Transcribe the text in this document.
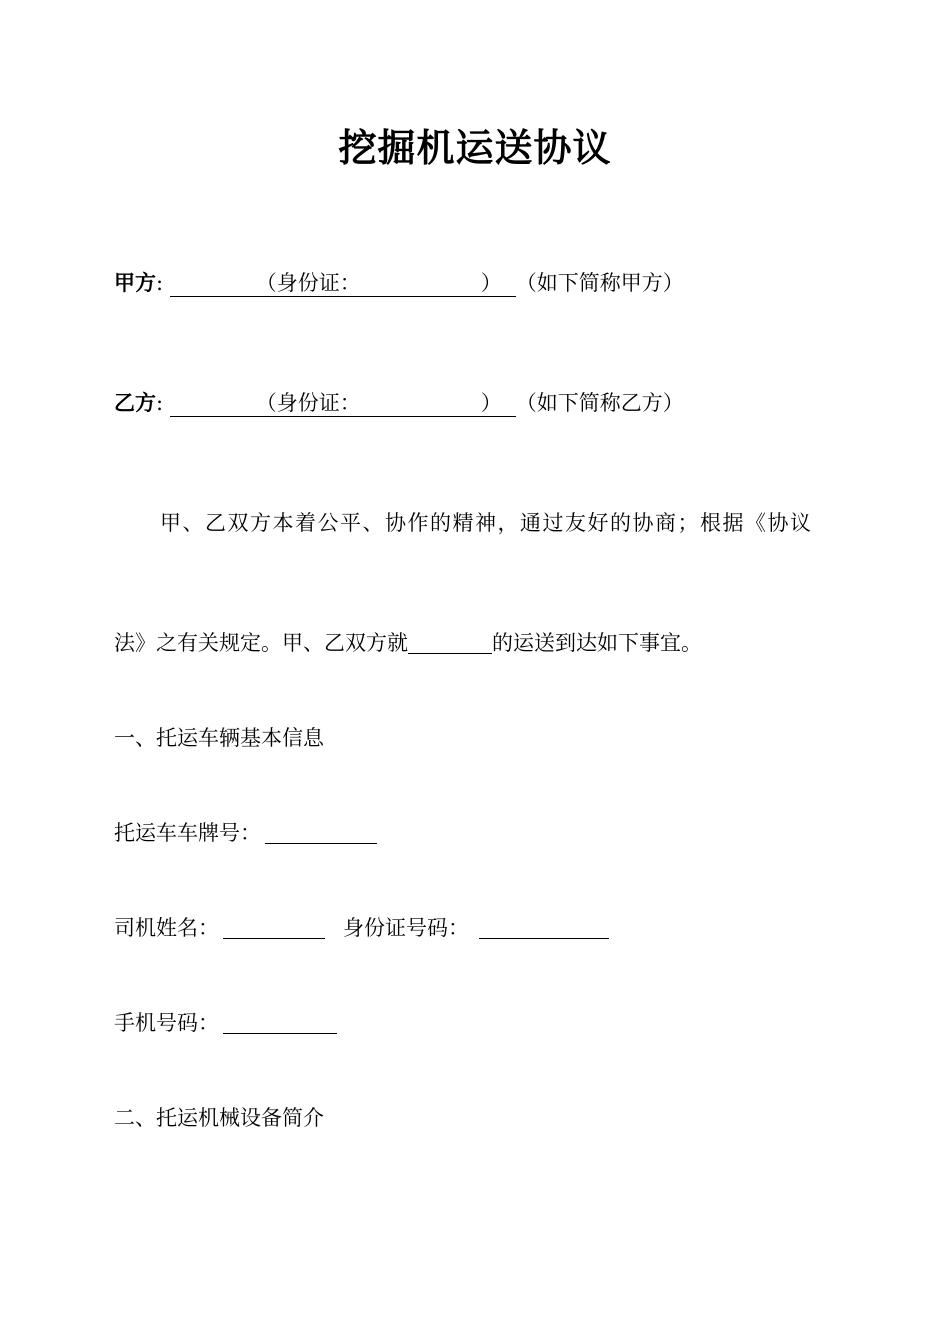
挖掘机运送协议
甲方:	（身份证：	） （如下简称甲方）
乙方:	（身份证：	） （如下简称乙方）
甲、乙双方本着公平、协作的精神，通过友好的协商；根据《协议
法》之有关规定。甲、乙双方就	的运送到达如下事宜。
一、托运车辆基本信息
托运车车牌号：
司机姓名：	身份证号码：
手机号码：
二、托运机械设备简介
